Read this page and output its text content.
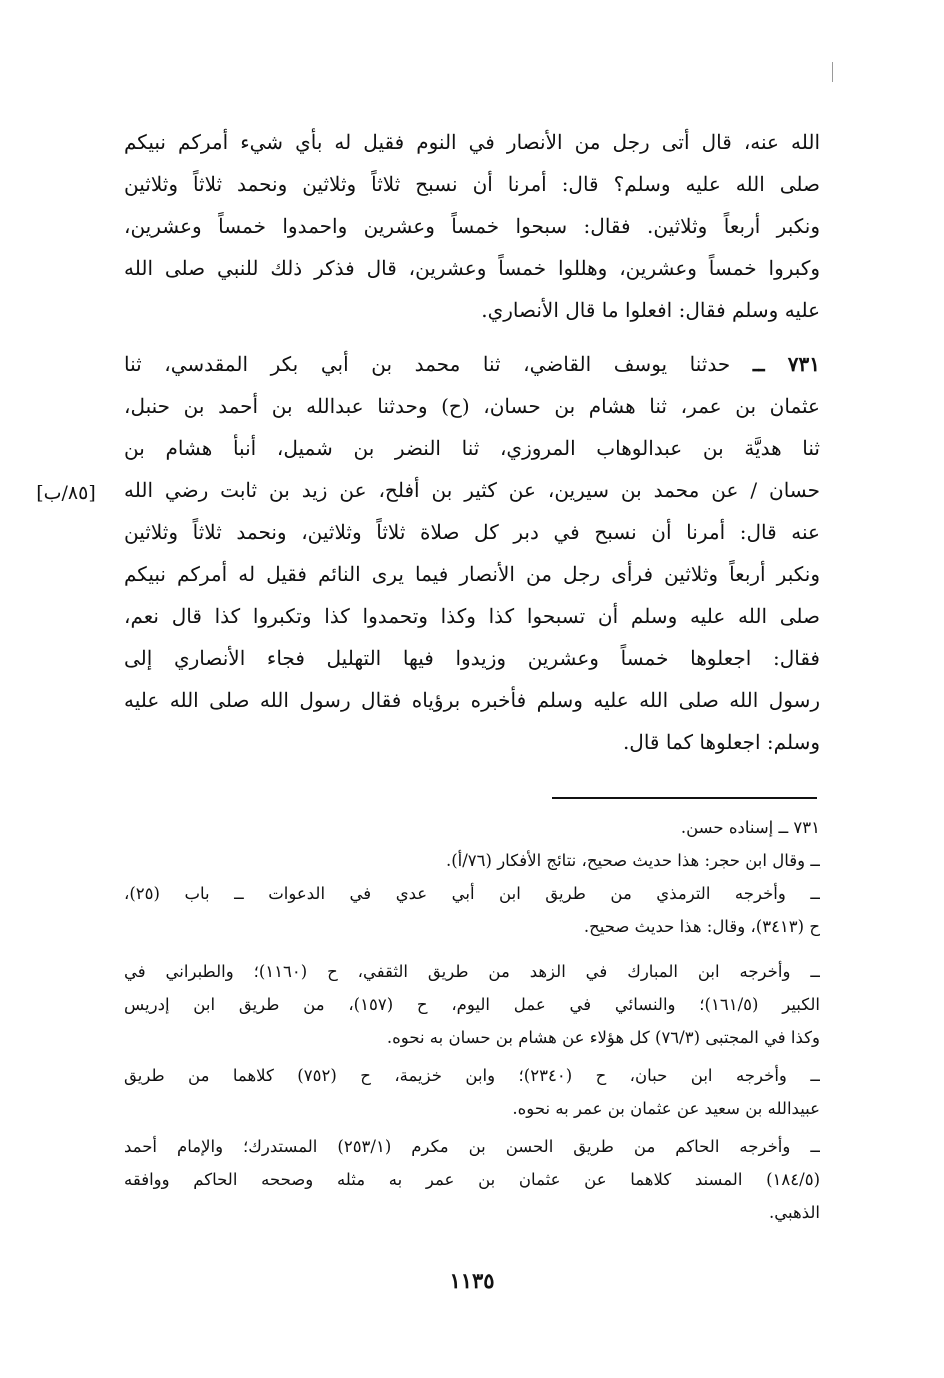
الله عنه، قال أتى رجل من الأنصار في النوم فقيل له بأي شيء أمركم نبيكم
صلى الله عليه وسلم؟ قال: أمرنا أن نسبح ثلاثاً وثلاثين ونحمد ثلاثاً وثلاثين
ونكبر أربعاً وثلاثين. فقال: سبحوا خمساً وعشرين واحمدوا خمساً وعشرين،
وكبروا خمساً وعشرين، وهللوا خمساً وعشرين، قال فذكر ذلك للنبي صلى الله
عليه وسلم فقال: افعلوا ما قال الأنصاري.
٧٣١ ــ حدثنا يوسف القاضي، ثنا محمد بن أبي بكر المقدسي، ثنا
عثمان بن عمر، ثنا هشام بن حسان، (ح) وحدثنا عبدالله بن أحمد بن حنبل،
ثنا هديَّة بن عبدالوهاب المروزي، ثنا النضر بن شميل، أنبأ هشام بن
حسان / عن محمد بن سيرين، عن كثير بن أفلح، عن زيد بن ثابت رضي الله
عنه قال: أمرنا أن نسبح في دبر كل صلاة ثلاثاً وثلاثين، ونحمد ثلاثاً وثلاثين
ونكبر أربعاً وثلاثين فرأى رجل من الأنصار فيما يرى النائم فقيل له أمركم نبيكم
صلى الله عليه وسلم أن تسبحوا كذا وكذا وتحمدوا كذا وتكبروا كذا قال نعم،
فقال: اجعلوها خمساً وعشرين وزيدوا فيها التهليل فجاء الأنصاري إلى
رسول الله صلى الله عليه وسلم فأخبره برؤياه فقال رسول الله صلى الله عليه
وسلم: اجعلوها كما قال.
[٨٥/ب]
٧٣١ ــ إسناده حسن.
ــ وقال ابن حجر: هذا حديث صحيح، نتائج الأفكار (٧٦/أ).
ــ وأخرجه الترمذي من طريق ابن أبي عدي في الدعوات ــ باب (٢٥)،
ح (٣٤١٣)، وقال: هذا حديث صحيح.
ــ وأخرجه ابن المبارك في الزهد من طريق الثقفي، ح (١١٦٠)؛ والطبراني في
الكبير (١٦١/٥)؛ والنسائي في عمل اليوم، ح (١٥٧)، من طريق ابن إدريس
وكذا في المجتبى (٧٦/٣) كل هؤلاء عن هشام بن حسان به نحوه.
ــ وأخرجه ابن حبان، ح (٢٣٤٠)؛ وابن خزيمة، ح (٧٥٢) كلاهما من طريق
عبيدالله بن سعيد عن عثمان بن عمر به نحوه.
ــ وأخرجه الحاكم من طريق الحسن بن مكرم (٢٥٣/١) المستدرك؛ والإمام أحمد
(١٨٤/٥) المسند كلاهما عن عثمان بن عمر به مثله وصححه الحاكم ووافقه
الذهبي.
١١٣٥
